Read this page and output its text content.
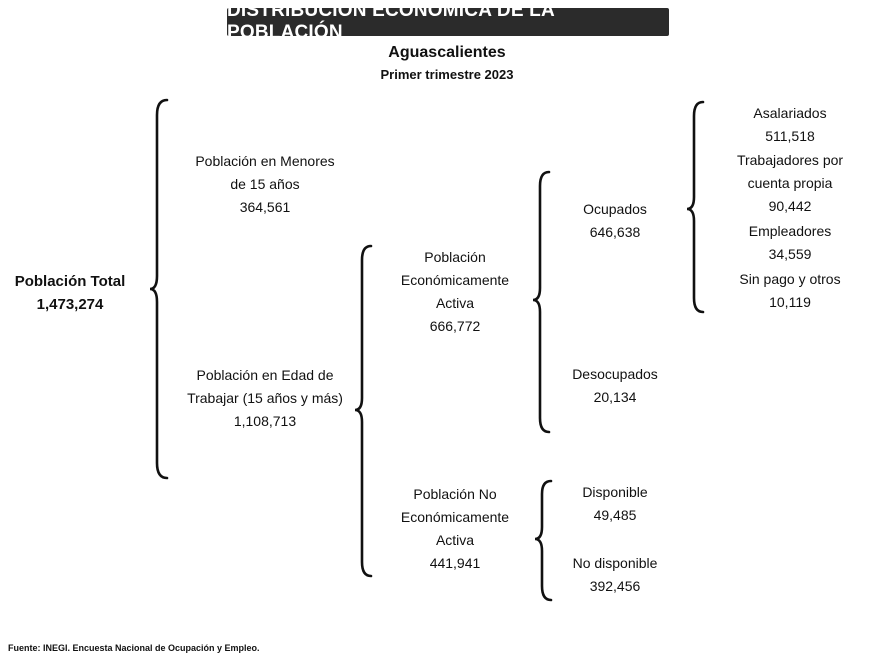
DISTRIBUCIÓN ECONÓMICA DE LA POBLACIÓN
Aguascalientes
Primer trimestre 2023
Población Total
1,473,274
Población en Menores
de 15 años
364,561
Población en Edad de
Trabajar (15 años y más)
1,108,713
Población
Económicamente
Activa
666,772
Población No
Económicamente
Activa
441,941
Ocupados
646,638
Desocupados
20,134
Disponible
49,485
No disponible
392,456
Asalariados
511,518
Trabajadores por
cuenta propia
90,442
Empleadores
34,559
Sin pago y otros
10,119
Fuente: INEGI. Encuesta Nacional de Ocupación y Empleo.
